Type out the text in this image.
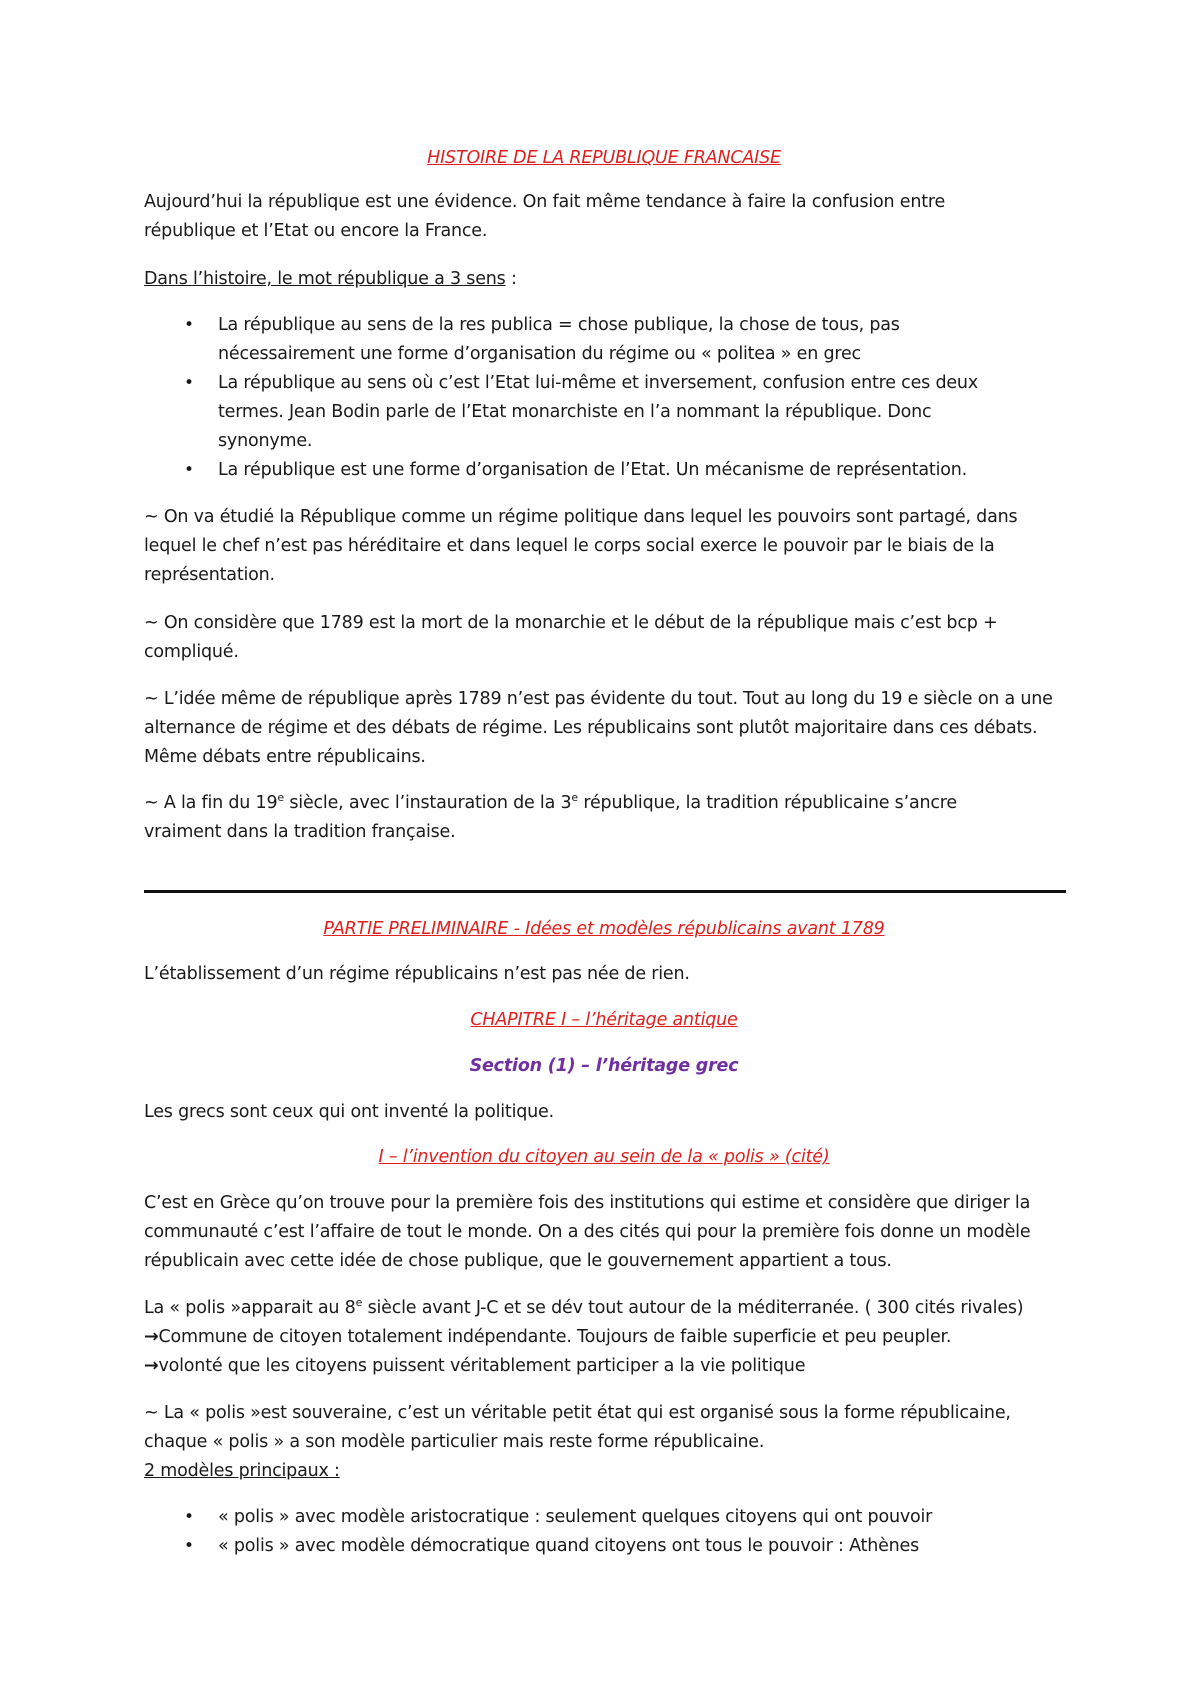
HISTOIRE DE LA REPUBLIQUE FRANCAISE

Aujourd’hui la république est une évidence. On fait même tendance à faire la confusion entre république et l’Etat ou encore la France.

Dans l’histoire, le mot république a 3 sens :

• La république au sens de la res publica = chose publique, la chose de tous, pas nécessairement une forme d’organisation du régime ou « politea » en grec
• La république au sens où c’est l’Etat lui-même et inversement, confusion entre ces deux termes. Jean Bodin parle de l’Etat monarchiste en l’a nommant la république. Donc synonyme.
• La république est une forme d’organisation de l’Etat. Un mécanisme de représentation.

~ On va étudié la République comme un régime politique dans lequel les pouvoirs sont partagé, dans lequel le chef n’est pas héréditaire et dans lequel le corps social exerce le pouvoir par le biais de la représentation.

~ On considère que 1789 est la mort de la monarchie et le début de la république mais c’est bcp + compliqué.

~ L’idée même de république après 1789 n’est pas évidente du tout. Tout au long du 19 e siècle on a une alternance de régime et des débats de régime. Les républicains sont plutôt majoritaire dans ces débats. Même débats entre républicains.

~ A la fin du 19e siècle, avec l’instauration de la 3e république, la tradition républicaine s’ancre vraiment dans la tradition française.

PARTIE PRELIMINAIRE - Idées et modèles républicains avant 1789

L’établissement d’un régime républicains n’est pas née de rien.

CHAPITRE I – l’héritage antique

Section (1) – l’héritage grec

Les grecs sont ceux qui ont inventé la politique.

I – l’invention du citoyen au sein de la « polis » (cité)

C’est en Grèce qu’on trouve pour la première fois des institutions qui estime et considère que diriger la communauté c’est l’affaire de tout le monde. On a des cités qui pour la première fois donne un modèle républicain avec cette idée de chose publique, que le gouvernement appartient a tous.

La « polis »apparait au 8e siècle avant J-C et se dév tout autour de la méditerranée. ( 300 cités rivales)

→Commune de citoyen totalement indépendante. Toujours de faible superficie et peu peupler.

→volonté que les citoyens puissent véritablement participer a la vie politique

~ La « polis »est souveraine, c’est un véritable petit état qui est organisé sous la forme républicaine, chaque « polis » a son modèle particulier mais reste forme républicaine.

2 modèles principaux :

• « polis » avec modèle aristocratique : seulement quelques citoyens qui ont pouvoir
• « polis » avec modèle démocratique quand citoyens ont tous le pouvoir : Athènes
